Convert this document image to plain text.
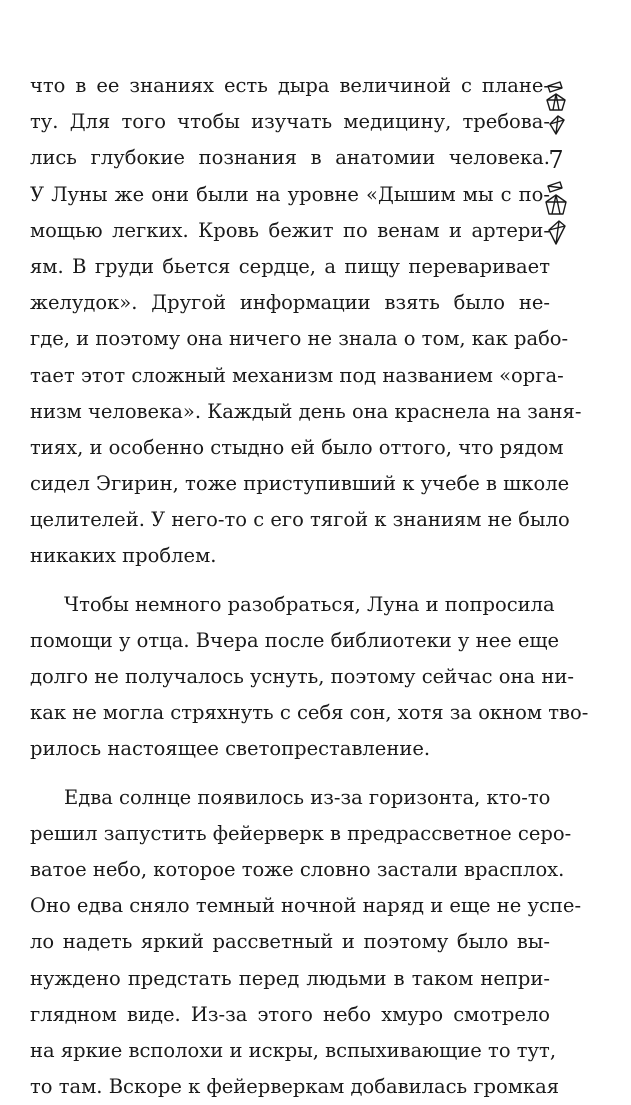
что в ее знаниях есть дыра величиной с плане-
ту. Для того чтобы изучать медицину, требова-
лись глубокие познания в анатомии человека.
У Луны же они были на уровне «Дышим мы с по-
мощью легких. Кровь бежит по венам и артери-
ям. В груди бьется сердце, а пищу переваривает
желудок». Другой информации взять было не-
где, и поэтому она ничего не знала о том, как рабо-
тает этот сложный механизм под названием «орга-
низм человека». Каждый день она краснела на заня-
тиях, и особенно стыдно ей было оттого, что рядом
сидел Эгирин, тоже приступивший к учебе в школе
целителей. У него-то с его тягой к знаниям не было
никаких проблем.
Чтобы немного разобраться, Луна и попросила
помощи у отца. Вчера после библиотеки у нее еще
долго не получалось уснуть, поэтому сейчас она ни-
как не могла стряхнуть с себя сон, хотя за окном тво-
рилось настоящее светопреставление.
Едва солнце появилось из-за горизонта, кто-то
решил запустить фейерверк в предрассветное серо-
ватое небо, которое тоже словно застали врасплох.
Оно едва сняло темный ночной наряд и еще не успе-
ло надеть яркий рассветный и поэтому было вы-
нуждено предстать перед людьми в таком непри-
глядном виде. Из-за этого небо хмуро смотрело
на яркие всполохи и искры, вспыхивающие то тут,
то там. Вскоре к фейерверкам добавилась громкая
7
